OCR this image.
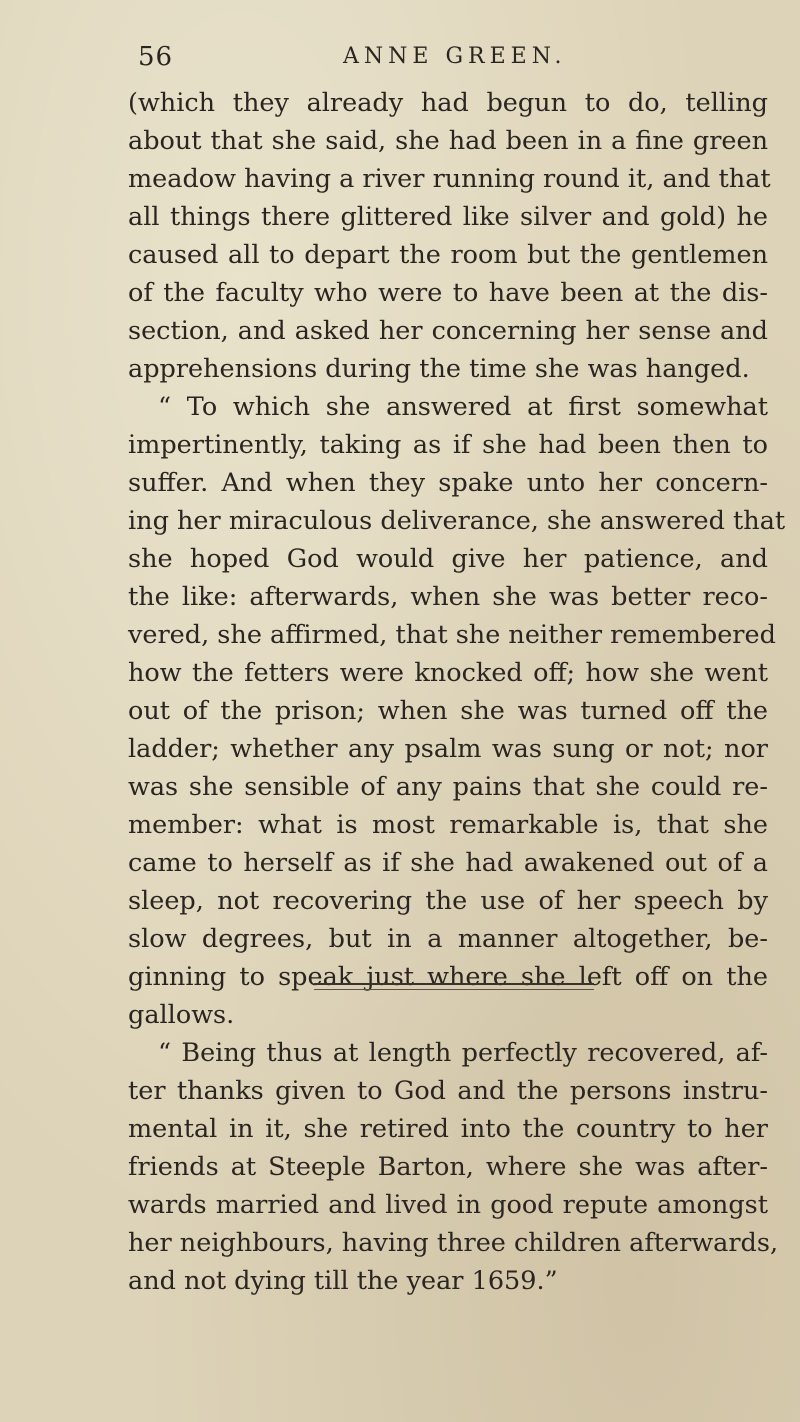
56	ANNE GREEN.
(which they already had begun to do, telling
about that she said, she had been in a fine green
meadow having a river running round it, and that
all things there glittered like silver and gold) he
caused all to depart the room but the gentlemen
of the faculty who were to have been at the dis-
section, and asked her concerning her sense and
apprehensions during the time she was hanged.
“ To which she answered at first somewhat
impertinently, taking as if she had been then to
suffer. And when they spake unto her concern-
ing her miraculous deliverance, she answered that
she hoped God would give her patience, and
the like: afterwards, when she was better reco-
vered, she affirmed, that she neither remembered
how the fetters were knocked off; how she went
out of the prison; when she was turned off the
ladder; whether any psalm was sung or not; nor
was she sensible of any pains that she could re-
member: what is most remarkable is, that she
came to herself as if she had awakened out of a
sleep, not recovering the use of her speech by
slow degrees, but in a manner altogether, be-
ginning to speak just where she left off on the
gallows.
“ Being thus at length perfectly recovered, af-
ter thanks given to God and the persons instru-
mental in it, she retired into the country to her
friends at Steeple Barton, where she was after-
wards married and lived in good repute amongst
her neighbours, having three children afterwards,
and not dying till the year 1659.”
